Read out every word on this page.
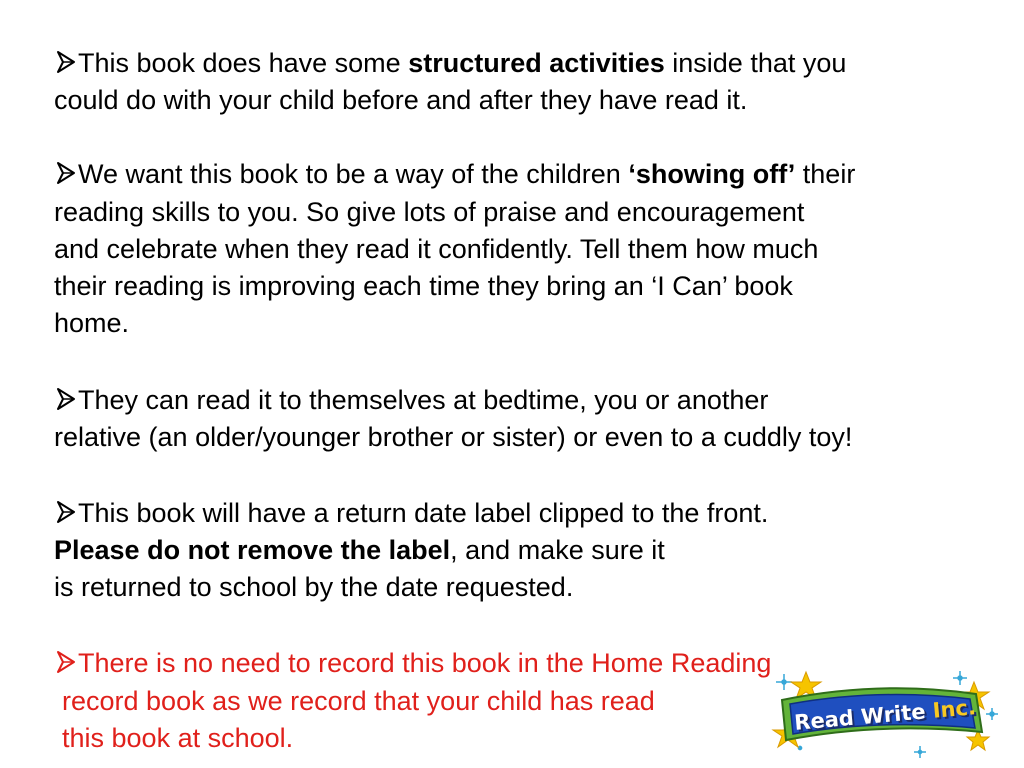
This book does have some structured activities inside that you
could do with your child before and after they have read it.
We want this book to be a way of the children ‘showing off’ their
reading skills to you. So give lots of praise and encouragement
and celebrate when they read it confidently. Tell them how much
their reading is improving each time they bring an ‘I Can’ book
home.
They can read it to themselves at bedtime, you or another
relative (an older/younger brother or sister) or even to a cuddly toy!
This book will have a return date label clipped to the front.
Please do not remove the label, and make sure it
is returned to school by the date requested.
There is no need to record this book in the Home Reading
record book as we record that your child has read
this book at school.
Read Write Inc.
